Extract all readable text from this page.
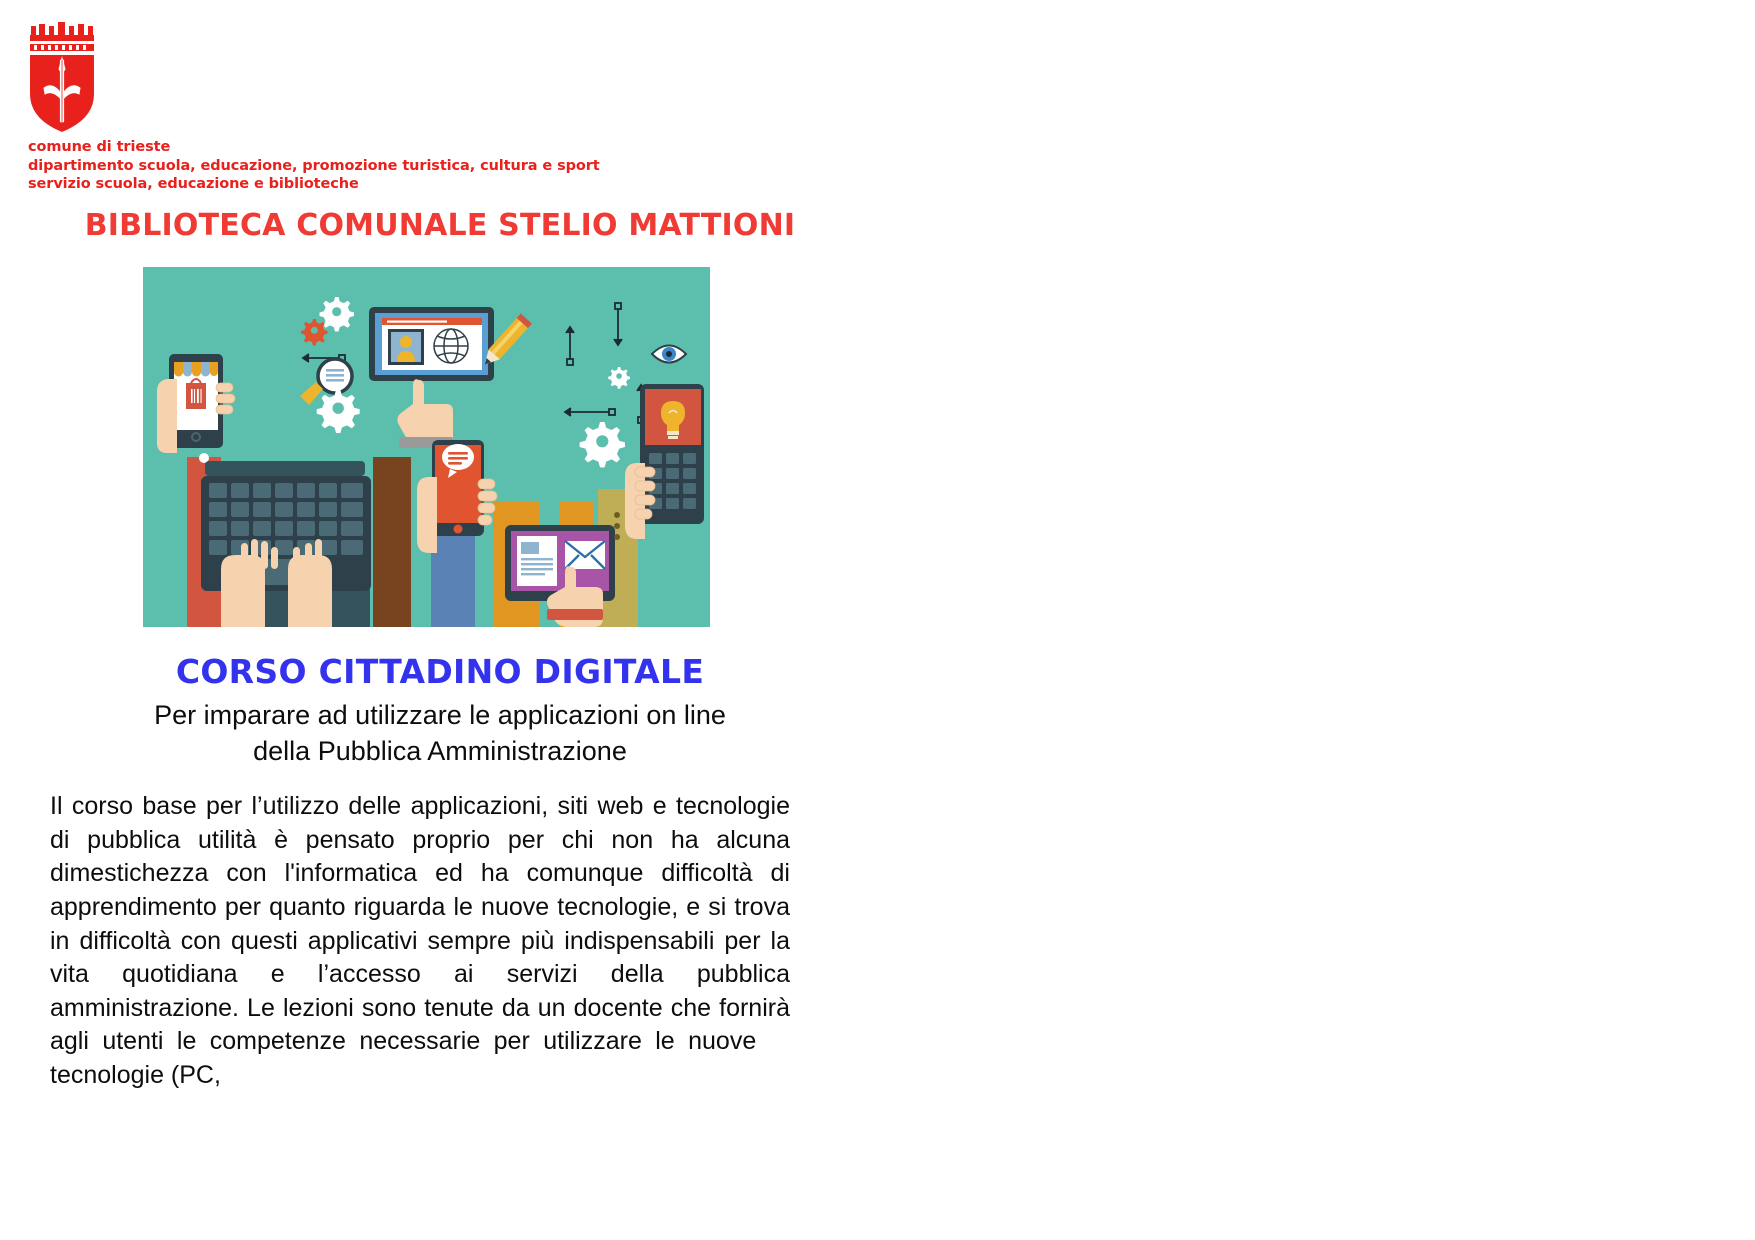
comune di trieste
dipartimento scuola, educazione, promozione turistica, cultura e sport
servizio scuola, educazione e biblioteche
BIBLIOTECA COMUNALE STELIO MATTIONI
CORSO CITTADINO DIGITALE
Per imparare ad utilizzare le applicazioni on line
della Pubblica Amministrazione
Il corso base per l’utilizzo delle applicazioni, siti web e tecnologie di pubblica utilità è pensato proprio per chi non ha alcuna dimestichezza con l'informatica ed ha comunque difficoltà di apprendimento per quanto riguarda le nuove tecnologie, e si trova in difficoltà con questi applicativi sempre più indispensabili per la vita quotidiana e l’accesso ai servizi della pubblica amministrazione. Le lezioni sono tenute da un docente che fornirà agli utenti le competenze necessarie per utilizzare le nuove    tecnologie (PC,
